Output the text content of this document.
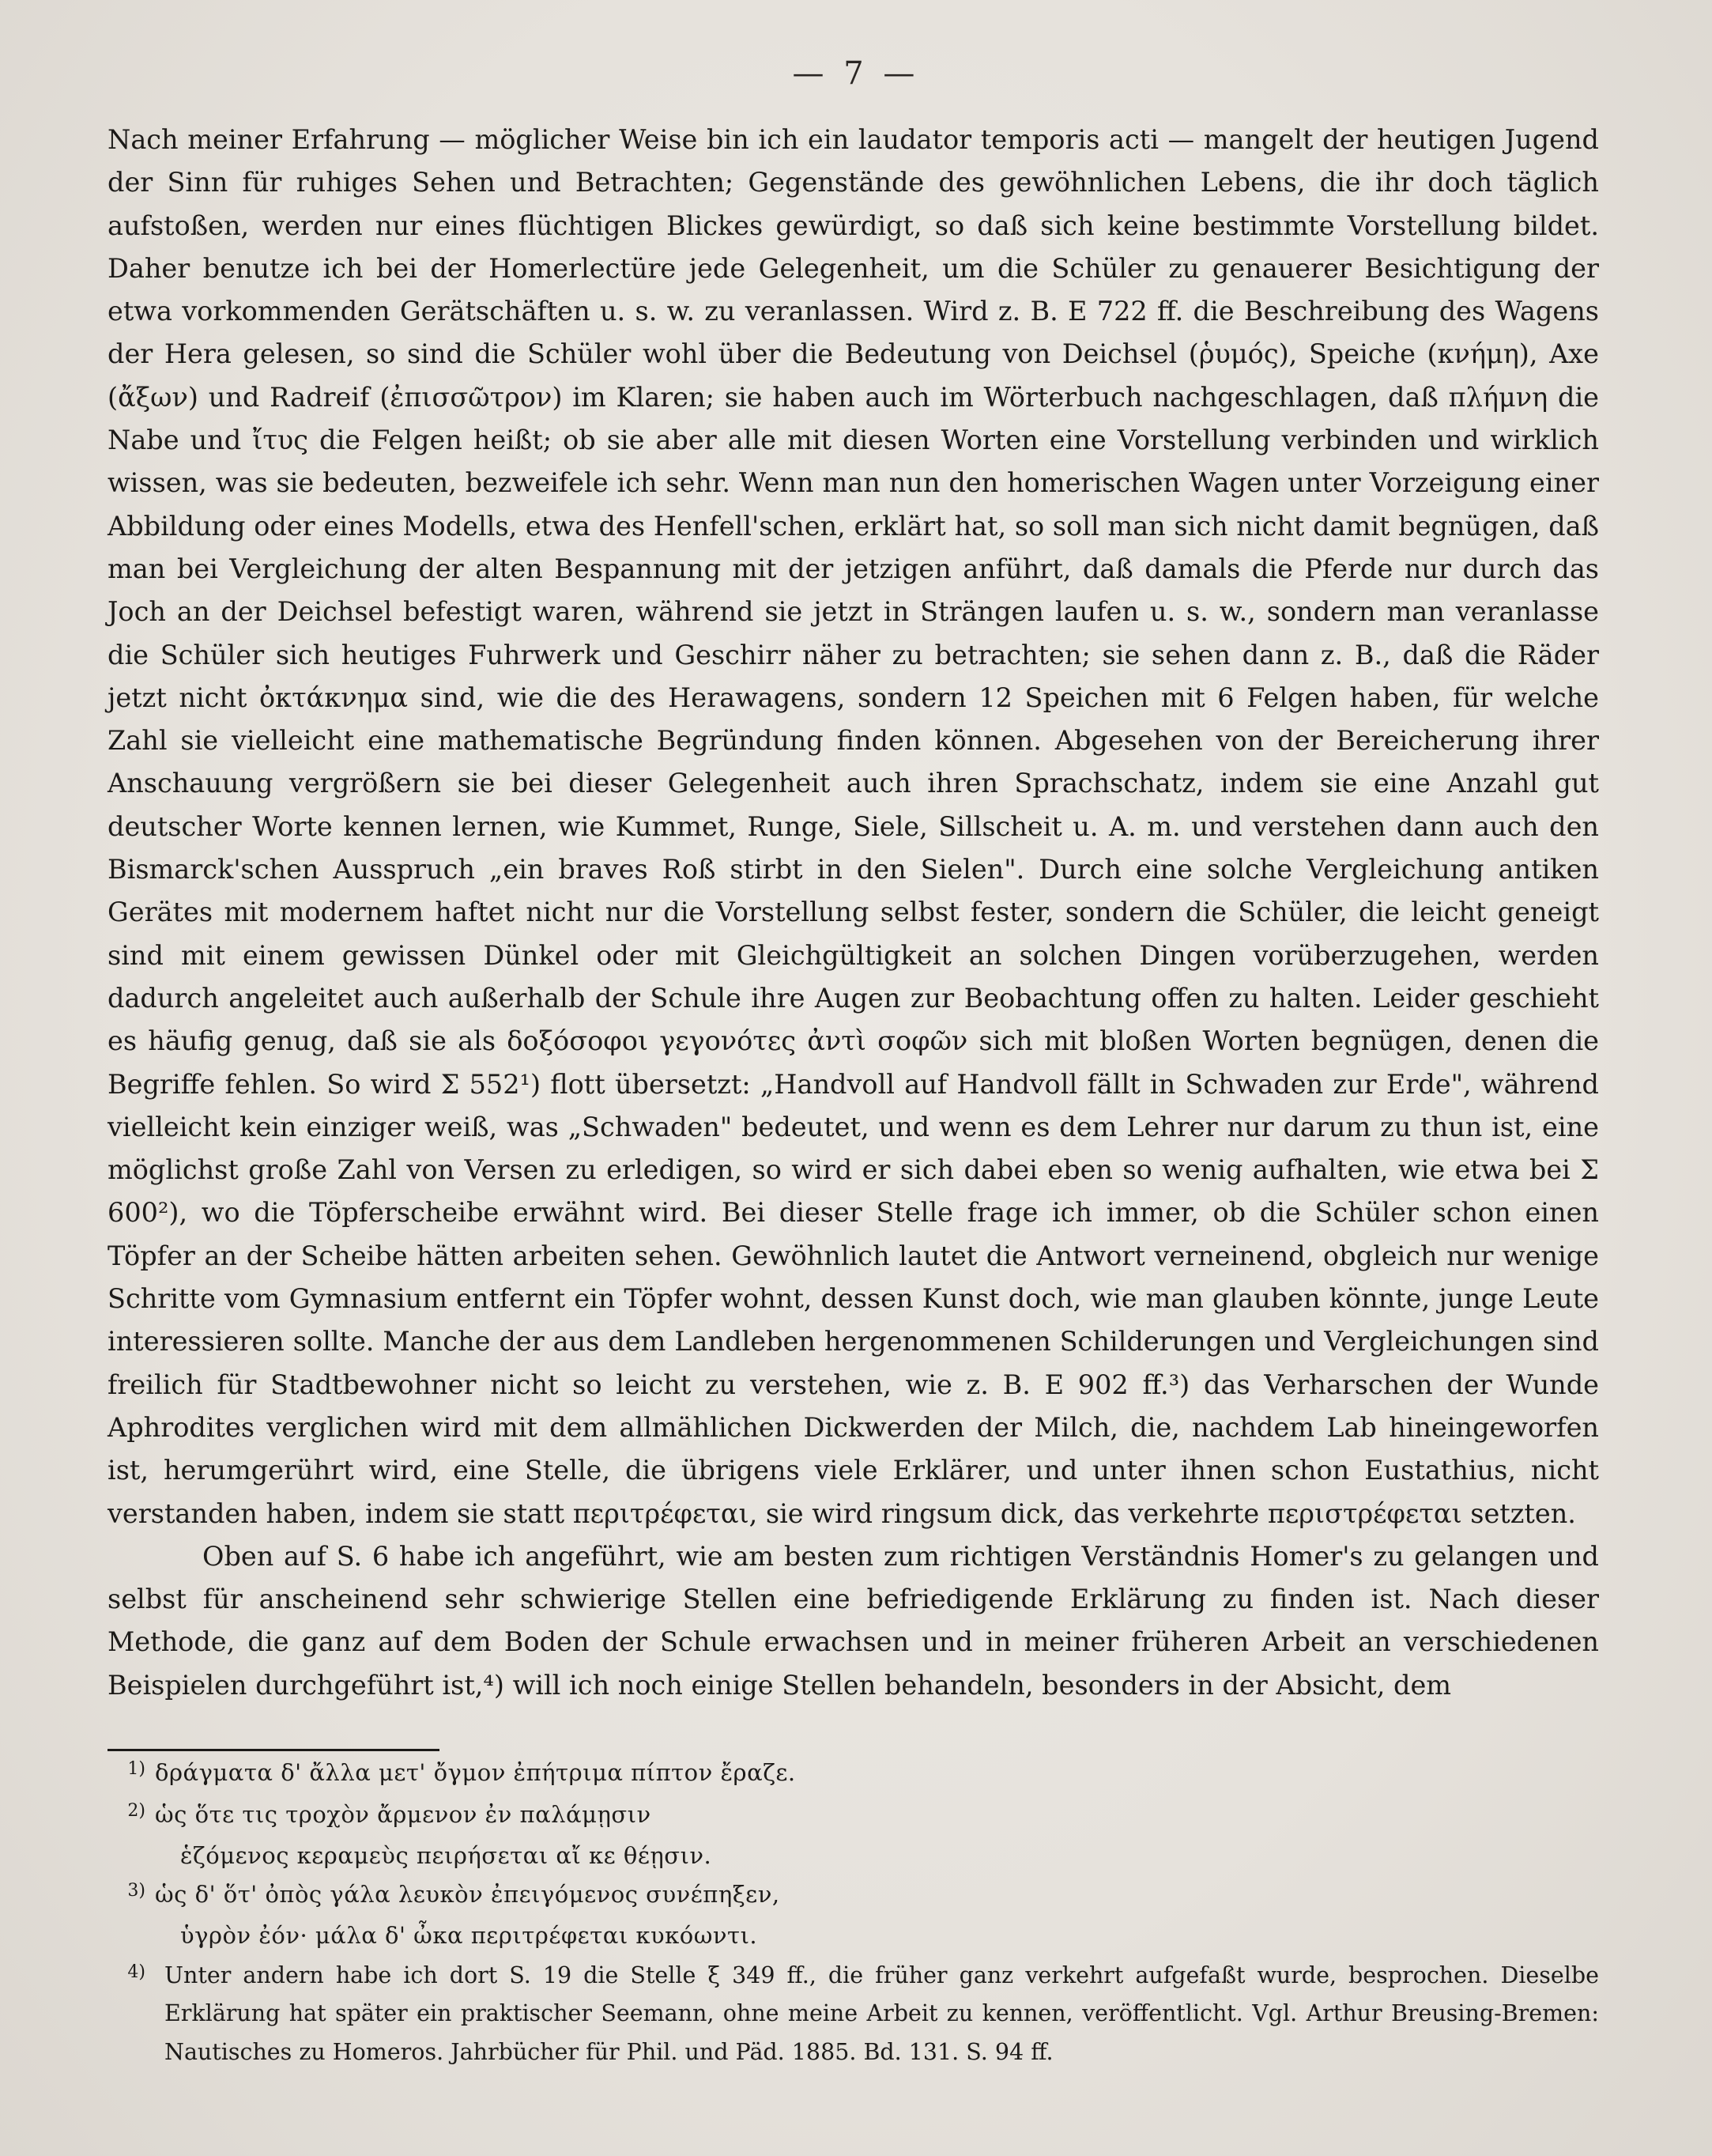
— 7 —

Nach meiner Erfahrung — möglicher Weise bin ich ein laudator temporis acti — mangelt der heutigen Jugend der Sinn für ruhiges Sehen und Betrachten; Gegenstände des gewöhnlichen Lebens, die ihr doch täglich aufstoßen, werden nur eines flüchtigen Blickes gewürdigt, so daß sich keine bestimmte Vorstellung bildet. Daher benutze ich bei der Homerlectüre jede Gelegenheit, um die Schüler zu genauerer Besichtigung der etwa vorkommenden Gerätschäften u. s. w. zu veranlassen. Wird z. B. E 722 ff. die Beschreibung des Wagens der Hera gelesen, so sind die Schüler wohl über die Bedeutung von Deichsel (ῥυμός), Speiche (κνήμη), Axe (ἄξων) und Radreif (ἐπισσῶτρον) im Klaren; sie haben auch im Wörterbuch nachgeschlagen, daß πλήμνη die Nabe und ἴτυς die Felgen heißt; ob sie aber alle mit diesen Worten eine Vorstellung verbinden und wirklich wissen, was sie bedeuten, bezweifele ich sehr. Wenn man nun den homerischen Wagen unter Vorzeigung einer Abbildung oder eines Modells, etwa des Henfell'schen, erklärt hat, so soll man sich nicht damit begnügen, daß man bei Vergleichung der alten Bespannung mit der jetzigen anführt, daß damals die Pferde nur durch das Joch an der Deichsel befestigt waren, während sie jetzt in Strängen laufen u. s. w., sondern man veranlasse die Schüler sich heutiges Fuhrwerk und Geschirr näher zu betrachten; sie sehen dann z. B., daß die Räder jetzt nicht ὀκτάκνημα sind, wie die des Herawagens, sondern 12 Speichen mit 6 Felgen haben, für welche Zahl sie vielleicht eine mathematische Begründung finden können. Abgesehen von der Bereicherung ihrer Anschauung vergrößern sie bei dieser Gelegenheit auch ihren Sprachschatz, indem sie eine Anzahl gut deutscher Worte kennen lernen, wie Kummet, Runge, Siele, Sillscheit u. A. m. und verstehen dann auch den Bismarck'schen Ausspruch „ein braves Roß stirbt in den Sielen". Durch eine solche Vergleichung antiken Gerätes mit modernem haftet nicht nur die Vorstellung selbst fester, sondern die Schüler, die leicht geneigt sind mit einem gewissen Dünkel oder mit Gleichgültigkeit an solchen Dingen vorüberzugehen, werden dadurch angeleitet auch außerhalb der Schule ihre Augen zur Beobachtung offen zu halten. Leider geschieht es häufig genug, daß sie als δοξόσοφοι γεγονότες ἀντὶ σοφῶν sich mit bloßen Worten begnügen, denen die Begriffe fehlen. So wird Σ 552¹) flott übersetzt: „Handvoll auf Handvoll fällt in Schwaden zur Erde", während vielleicht kein einziger weiß, was „Schwaden" bedeutet, und wenn es dem Lehrer nur darum zu thun ist, eine möglichst große Zahl von Versen zu erledigen, so wird er sich dabei eben so wenig aufhalten, wie etwa bei Σ 600²), wo die Töpferscheibe erwähnt wird. Bei dieser Stelle frage ich immer, ob die Schüler schon einen Töpfer an der Scheibe hätten arbeiten sehen. Gewöhnlich lautet die Antwort verneinend, obgleich nur wenige Schritte vom Gymnasium entfernt ein Töpfer wohnt, dessen Kunst doch, wie man glauben könnte, junge Leute interessieren sollte. Manche der aus dem Landleben hergenommenen Schilderungen und Vergleichungen sind freilich für Stadtbewohner nicht so leicht zu verstehen, wie z. B. E 902 ff.³) das Verharschen der Wunde Aphrodites verglichen wird mit dem allmählichen Dickwerden der Milch, die, nachdem Lab hineingeworfen ist, herumgerührt wird, eine Stelle, die übrigens viele Erklärer, und unter ihnen schon Eustathius, nicht verstanden haben, indem sie statt περιτρέφεται, sie wird ringsum dick, das verkehrte περιστρέφεται setzten.

Oben auf S. 6 habe ich angeführt, wie am besten zum richtigen Verständnis Homer's zu gelangen und selbst für anscheinend sehr schwierige Stellen eine befriedigende Erklärung zu finden ist. Nach dieser Methode, die ganz auf dem Boden der Schule erwachsen und in meiner früheren Arbeit an verschiedenen Beispielen durchgeführt ist,⁴) will ich noch einige Stellen behandeln, besonders in der Absicht, dem

1) δράγματα δ' ἄλλα μετ' ὄγμον ἐπήτριμα πίπτον ἔραζε.
2) ὡς ὅτε τις τροχὸν ἄρμενον ἐν παλάμῃσιν
ἑζόμενος κεραμεὺς πειρήσεται αἴ κε θέῃσιν.
3) ὡς δ' ὅτ' ὀπὸς γάλα λευκὸν ἐπειγόμενος συνέπηξεν,
ὑγρὸν ἐόν· μάλα δ' ὦκα περιτρέφεται κυκόωντι.
4) Unter andern habe ich dort S. 19 die Stelle ξ 349 ff., die früher ganz verkehrt aufgefaßt wurde, besprochen. Dieselbe Erklärung hat später ein praktischer Seemann, ohne meine Arbeit zu kennen, veröffentlicht. Vgl. Arthur Breusing-Bremen: Nautisches zu Homeros. Jahrbücher für Phil. und Päd. 1885. Bd. 131. S. 94 ff.
